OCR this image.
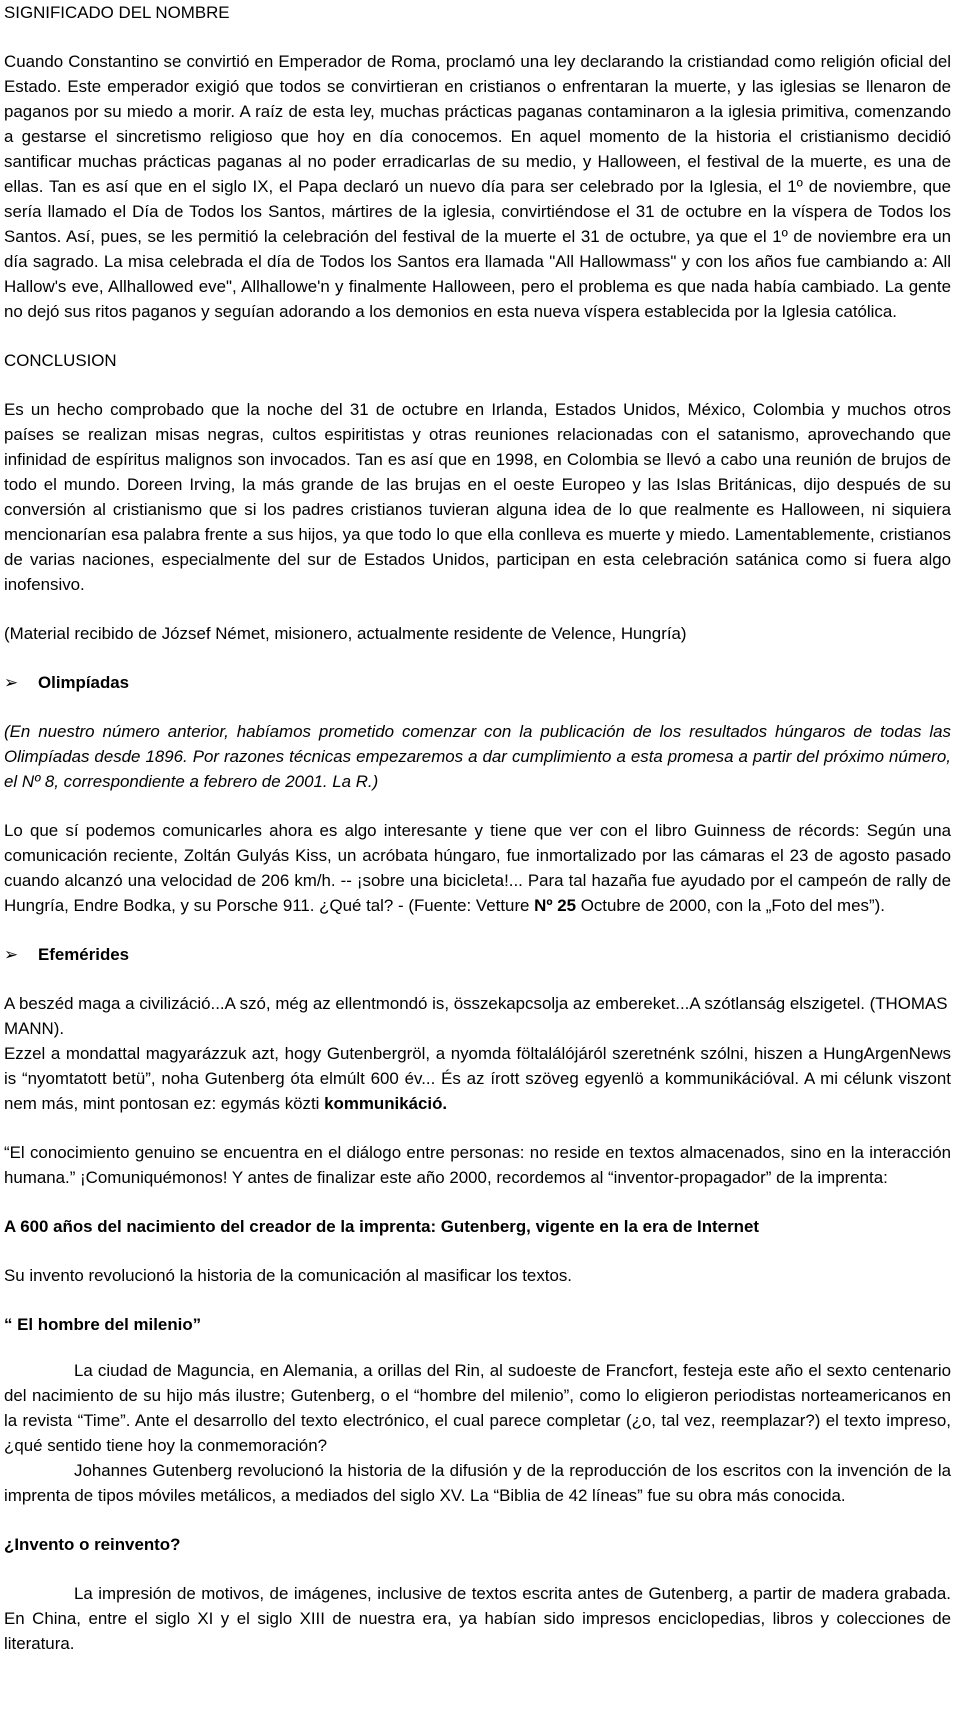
SIGNIFICADO DEL NOMBRE

Cuando Constantino se convirtió en Emperador de Roma, proclamó una ley declarando la cristiandad como religión oficial del Estado. Este emperador exigió que todos se convirtieran en cristianos o enfrentaran la muerte, y las iglesias se llenaron de paganos por su miedo a morir. A raíz de esta ley, muchas prácticas paganas contaminaron a la iglesia primitiva, comenzando a gestarse el sincretismo religioso que hoy en día conocemos. En aquel momento de la historia el cristianismo decidió santificar muchas prácticas paganas al no poder erradicarlas de su medio, y Halloween, el festival de la muerte, es una de ellas. Tan es así que en el siglo IX, el Papa declaró un nuevo día para ser celebrado por la Iglesia, el 1º de noviembre, que sería llamado el Día de Todos los Santos, mártires de la iglesia, convirtiéndose el 31 de octubre en la víspera de Todos los Santos. Así, pues, se les permitió la celebración del festival de la muerte el 31 de octubre, ya que el 1º de noviembre era un día sagrado. La misa celebrada el día de Todos los Santos era llamada "All Hallowmass" y con los años fue cambiando a: All Hallow's eve, Allhallowed eve", Allhallowe'n y finalmente Halloween, pero el problema es que nada había cambiado. La gente no dejó sus ritos paganos y seguían adorando a los demonios en esta nueva víspera establecida por la Iglesia católica.

CONCLUSION

Es un hecho comprobado que la noche del 31 de octubre en Irlanda, Estados Unidos, México, Colombia y muchos otros países se realizan misas negras, cultos espiritistas y otras reuniones relacionadas con el satanismo, aprovechando que infinidad de espíritus malignos son invocados. Tan es así que en 1998, en Colombia se llevó a cabo una reunión de brujos de todo el mundo. Doreen Irving, la más grande de las brujas en el oeste Europeo y las Islas Británicas, dijo después de su conversión al cristianismo que si los padres cristianos tuvieran alguna idea de lo que realmente es Halloween, ni siquiera mencionarían esa palabra frente a sus hijos, ya que todo lo que ella conlleva es muerte y miedo. Lamentablemente, cristianos de varias naciones, especialmente del sur de Estados Unidos, participan en esta celebración satánica como si fuera algo inofensivo.

(Material recibido de József Német, misionero, actualmente residente de Velence, Hungría)

➢	Olimpíadas

(En nuestro número anterior, habíamos prometido comenzar con la publicación de los resultados húngaros de todas las Olimpíadas desde 1896. Por razones técnicas empezaremos a dar cumplimiento a esta promesa a partir del próximo número, el Nº 8, correspondiente a febrero de 2001. La R.)

Lo que sí podemos comunicarles ahora es algo interesante y tiene que ver con el libro Guinness de récords: Según una comunicación reciente, Zoltán Gulyás Kiss, un acróbata húngaro, fue inmortalizado por las cámaras el 23 de agosto pasado cuando alcanzó una velocidad de 206 km/h. -- ¡sobre una bicicleta!... Para tal hazaña fue ayudado por el campeón de rally de Hungría, Endre Bodka, y su Porsche 911. ¿Qué tal? - (Fuente: Vetture Nº 25 Octubre de 2000, con la „Foto del mes”).

➢	Efemérides

A beszéd maga a civilizáció...A szó, még az ellentmondó is, összekapcsolja az embereket...A szótlanság elszigetel. (THOMAS MANN).

Ezzel a mondattal magyarázzuk azt, hogy Gutenbergröl, a nyomda föltalálójáról szeretnénk szólni, hiszen a HungArgenNews is “nyomtatott betü”, noha Gutenberg óta elmúlt 600 év... És az írott szöveg egyenlö a kommunikációval. A mi célunk viszont nem más, mint pontosan ez: egymás közti kommunikáció.

“El conocimiento genuino se encuentra en el diálogo entre personas: no reside en textos almacenados, sino en la interacción humana.” ¡Comuniquémonos! Y antes de finalizar este año 2000, recordemos al “inventor-propagador” de la imprenta:

A 600 años del nacimiento del creador de la imprenta: Gutenberg, vigente en la era de Internet

Su invento revolucionó la historia de la comunicación al masificar los textos.

“ El hombre del milenio”

La ciudad de Maguncia, en Alemania, a orillas del Rin, al sudoeste de Francfort, festeja este año el sexto centenario del nacimiento de su hijo más ilustre; Gutenberg, o el “hombre del milenio”, como lo eligieron periodistas norteamericanos en la revista “Time”. Ante el desarrollo del texto electrónico, el cual parece completar (¿o, tal vez, reemplazar?) el texto impreso, ¿qué sentido tiene hoy la conmemoración?

Johannes Gutenberg revolucionó la historia de la difusión y de la reproducción de los escritos con la invención de la imprenta de tipos móviles metálicos, a mediados del siglo XV. La “Biblia de 42 líneas” fue su obra más conocida.

¿Invento o reinvento?

La impresión de motivos, de imágenes, inclusive de textos escrita antes de Gutenberg, a partir de madera grabada. En China, entre el siglo XI y el siglo XIII de nuestra era, ya habían sido impresos enciclopedias, libros y colecciones de literatura.
